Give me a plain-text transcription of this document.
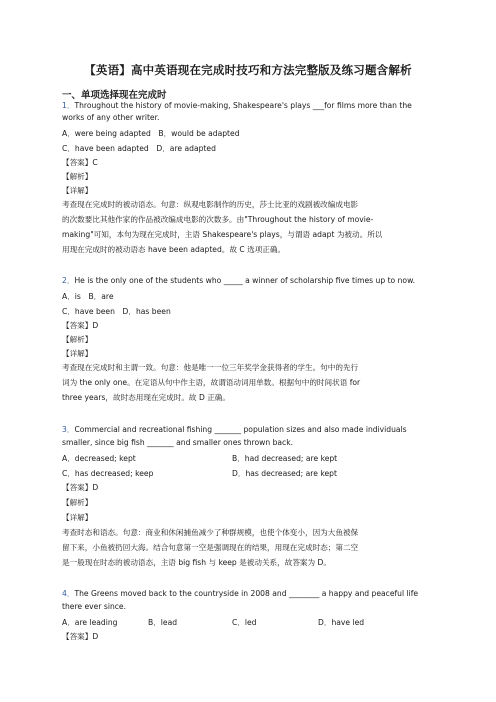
【英语】高中英语现在完成时技巧和方法完整版及练习题含解析
一、单项选择现在完成时
1．Throughout the history of movie-making, Shakespeare's plays ___for films more than the
works of any other writer.
A．were being adapted　B．would be adapted
C．have been adapted　D．are adapted
【答案】C
【解析】
【详解】
考查现在完成时的被动语态。句意：纵观电影制作的历史，莎士比亚的戏剧被改编成电影
的次数要比其他作家的作品被改编成电影的次数多。由"Throughout the history of movie-
making"可知，本句为现在完成时，主语 Shakespeare's plays，与谓语 adapt 为被动。所以
用现在完成时的被动语态 have been adapted。故 C 选项正确。
2．He is the only one of the students who _____ a winner of scholarship five times up to now.
A．is　B．are
C．have been　D．has been
【答案】D
【解析】
【详解】
考查现在完成时和主谓一致。句意：他是唯一一位三年奖学金获得者的学生。句中的先行
词为 the only one。在定语从句中作主语，故谓语动词用单数。根据句中的时间状语 for
three years，故时态用现在完成时。故 D 正确。
3．Commercial and recreational fishing _______ population sizes and also made individuals
smaller, since big fish _______ and smaller ones thrown back.
A．decreased; kept	B．had decreased; are kept
C．has decreased; keep	D．has decreased; are kept
【答案】D
【解析】
【详解】
考查时态和语态。句意：商业和休闲捕鱼减少了种群规模，也使个体变小，因为大鱼被保
留下来，小鱼被扔回大海。结合句意第一空是强调现在的结果，用现在完成时态；第二空
是一般现在时态的被动语态，主语 big fish 与 keep 是被动关系，故答案为 D。
4．The Greens moved back to the countryside in 2008 and ________ a happy and peaceful life
there ever since.
A．are leading	B．lead	C．led	D．have led
【答案】D
